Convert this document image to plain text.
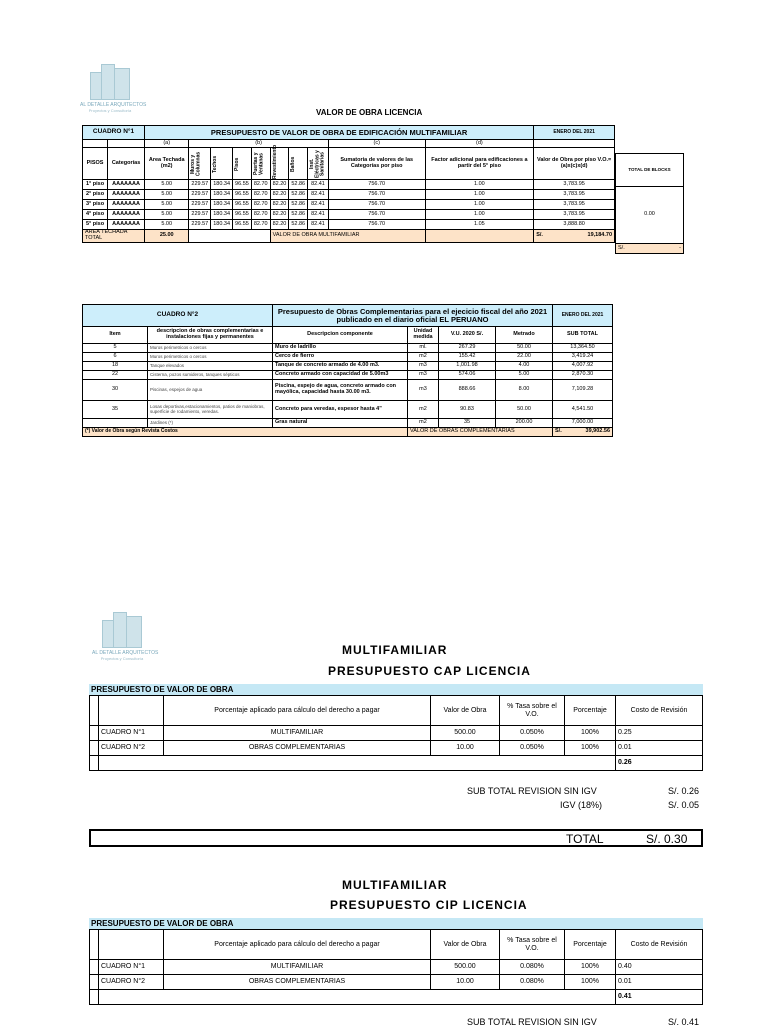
AL DETALLE ARQUITECTOS
Proyectos y Consultoría	VALOR DE OBRA LICENCIA
CUADRO N°1		PRESUPUESTO DE VALOR DE OBRA DE EDIFICACIÓN MULTIFAMILIAR										ENERO DEL 2021
		(a)	(b)							(c)	(d)	
PISOS	Categorías	Area Techada (m2)	Muros y Columnas	Techos	Pisos	Puertas y Ventanas	Revestimiento	Baños	Inst. Eléctricas y Sanitarias	Sumatoria de valores de las Categorías por piso	Factor adicional para edificaciones a partir del 5° piso	Valor de Obra por piso V.O.= (a)x(c)x(d)
1° piso	AAAAAAA	5.00	229.57	180.34	96.55	82.70	82.20	52.86	82.41	756.70	1.00	3,783.95
2° piso	AAAAAAA	5.00	229.57	180.34	96.55	82.70	82.20	52.86	82.41	756.70	1.00	3,783.95
3° piso	AAAAAAA	5.00	229.57	180.34	96.55	82.70	82.20	52.86	82.41	756.70	1.00	3,783.95
4° piso	AAAAAAA	5.00	229.57	180.34	96.55	82.70	82.20	52.86	82.41	756.70	1.00	3,783.95
5° piso	AAAAAAA	5.00	229.57	180.34	96.55	82.70	82.20	52.86	82.41	756.70	1.05	3,888.80
AREA TECHADA TOTAL		25.00					VALOR DE OBRA MULTIFAMILIAR					S/. 19,184.70
TOTAL DE BLOCKS
0.00

S/.	-
CUADRO N°2		Presupuesto de Obras Complementarias para el ejecicio fiscal del año 2021
publicado en el diario oficial EL PERUANO				ENERO DEL 2021
Item	descripcion de obras complementarias e instalaciones fijas y permanentes	Descripcion componente	Unidad medida	V.U. 2020 S/.	Metrado	SUB TOTAL
5	Muros perimetricos o cercos	Muro de ladrillo	ml.	267.29	50.00	13,364.50
6	Muros perimetricos o cercos	Cerco de fierro	m2	155.42	22.00	3,419.24
18	Tanque elevados	Tanque de concreto armado de 4.00 m3.	m3	1,001.98	4.00	4,007.92
22	Cisterna, pozos sumideros, tanques sépticos	Concreto armado con capacidad de 5.00m3	m3	574.06	5.00	2,870.30
30	Piscinas, espejos de agua	Piscina, espejo de agua, concreto armado con mayólica, capacidad hasta 30.00 m3.	m3	888.66	8.00	7,109.28
35	Losas deportivas,estacionamientos, patios de maniobras, superficie de rodamiento, veredas.	Concreto para veredas, espesor hasta 4"	m2	90.83	50.00	4,541.50
	Jardines (*)	Gras natural	m2	35	200.00	7,000.00
(*) Valor de Obra según Revista Costos			VALOR DE OBRAS COMPLEMENTARIAS			S/. 39,902.56
AL DETALLE ARQUITECTOS
Proyectos y Consultoría
MULTIFAMILIAR
PRESUPUESTO CAP LICENCIA
PRESUPUESTO DE VALOR DE OBRA
		Porcentaje aplicado para cálculo del derecho a pagar	Valor de Obra	% Tasa sobre el V.O.	Porcentaje	Costo de Revisión
	CUADRO N°1	MULTIFAMILIAR	500.00	0.050%	100%	0.25
	CUADRO N°2	OBRAS COMPLEMENTARIAS	10.00	0.050%	100%	0.01
						0.26
SUB TOTAL REVISION SIN IGV	S/. 0.26
IGV (18%)	S/. 0.05
TOTAL	S/. 0.30
MULTIFAMILIAR
PRESUPUESTO CIP LICENCIA
PRESUPUESTO DE VALOR DE OBRA
		Porcentaje aplicado para cálculo del derecho a pagar	Valor de Obra	% Tasa sobre el V.O.	Porcentaje	Costo de Revisión
	CUADRO N°1	MULTIFAMILIAR	500.00	0.080%	100%	0.40
	CUADRO N°2	OBRAS COMPLEMENTARIAS	10.00	0.080%	100%	0.01
						0.41
SUB TOTAL REVISION SIN IGV	S/. 0.41
